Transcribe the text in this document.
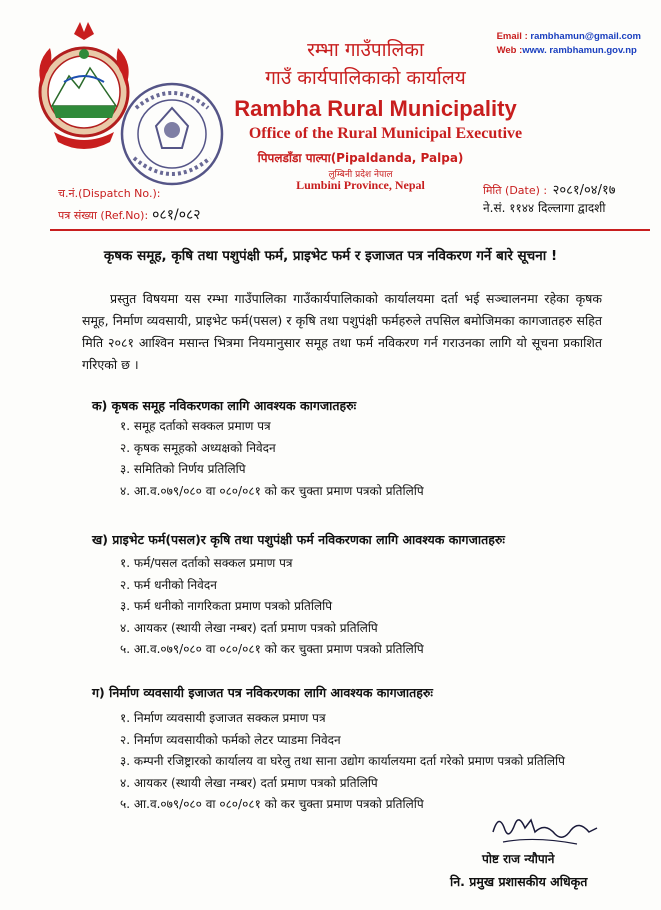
रम्भा गाउँपालिका
गाउँ कार्यपालिकाको कार्यालय
Rambha Rural Municipality
Office of the Rural Municipal Executive
पिपलडाँडा पाल्पा(Pipaldanda, Palpa)
लुम्बिनी प्रदेश नेपाल
Lumbini Province, Nepal
Email : rambhamun@gmail.com
Web :www. rambhamun.gov.np
च.नं.(Dispatch No.):
पत्र संख्या (Ref.No): ०८१/०८२
मिति (Date) : २०८१/०४/१७
ने.सं. ११४४ दिल्लागा द्वादशी
कृषक समूह, कृषि तथा पशुपंक्षी फर्म, प्राइभेट फर्म र इजाजत पत्र नविकरण गर्ने बारे सूचना !
प्रस्तुत विषयमा यस रम्भा गाउँपालिका गाउँकार्यपालिकाको कार्यालयमा दर्ता भई सञ्चालनमा रहेका कृषक समूह, निर्माण व्यवसायी, प्राइभेट फर्म(पसल) र कृषि तथा पशुपंक्षी फर्महरुले तपसिल बमोजिमका कागजातहरु सहित मिति २०८१ आश्विन मसान्त भित्रमा नियमानुसार समूह तथा फर्म नविकरण गर्न गराउनका लागि यो सूचना प्रकाशित गरिएको छ ।
क) कृषक समूह नविकरणका लागि आवश्यक कागजातहरुः
१. समूह दर्ताको सक्कल प्रमाण पत्र
२. कृषक समूहको अध्यक्षको निवेदन
३. समितिको निर्णय प्रतिलिपि
४. आ.व.०७९/०८० वा ०८०/०८१ को कर चुक्ता प्रमाण पत्रको प्रतिलिपि
ख) प्राइभेट फर्म(पसल)र कृषि तथा पशुपंक्षी फर्म नविकरणका लागि आवश्यक कागजातहरुः
१. फर्म/पसल दर्ताको सक्कल प्रमाण पत्र
२. फर्म धनीको निवेदन
३. फर्म धनीको नागरिकता प्रमाण पत्रको प्रतिलिपि
४. आयकर (स्थायी लेखा नम्बर) दर्ता प्रमाण पत्रको प्रतिलिपि
५. आ.व.०७९/०८० वा ०८०/०८१ को कर चुक्ता प्रमाण पत्रको प्रतिलिपि
ग) निर्माण व्यवसायी इजाजत पत्र नविकरणका लागि आवश्यक कागजातहरुः
१. निर्माण व्यवसायी इजाजत सक्कल प्रमाण पत्र
२. निर्माण व्यवसायीको फर्मको लेटर प्याडमा निवेदन
३. कम्पनी रजिष्ट्रारको कार्यालय वा घरेलु तथा साना उद्योग कार्यालयमा दर्ता गरेको प्रमाण पत्रको प्रतिलिपि
४. आयकर (स्थायी लेखा नम्बर) दर्ता प्रमाण पत्रको प्रतिलिपि
५. आ.व.०७९/०८० वा ०८०/०८१ को कर चुक्ता प्रमाण पत्रको प्रतिलिपि
पोष्ट राज न्यौपाने
नि. प्रमुख प्रशासकीय अधिकृत
